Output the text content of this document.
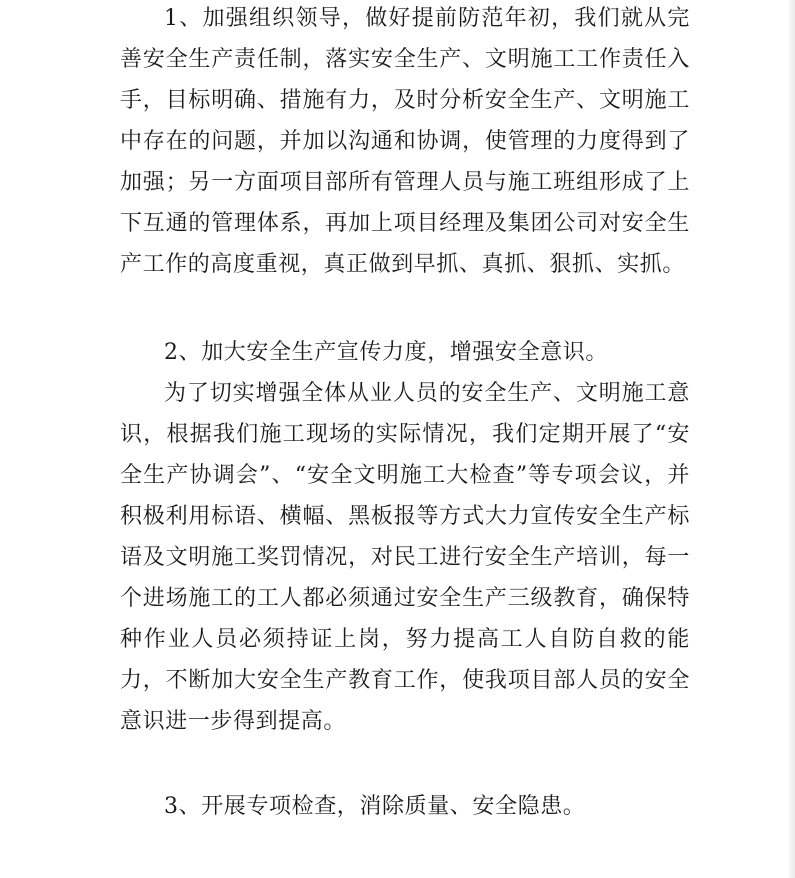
1、加强组织领导，做好提前防范年初，我们就从完善安全生产责任制，落实安全生产、文明施工工作责任入手，目标明确、措施有力，及时分析安全生产、文明施工中存在的问题，并加以沟通和协调，使管理的力度得到了加强；另一方面项目部所有管理人员与施工班组形成了上下互通的管理体系，再加上项目经理及集团公司对安全生产工作的高度重视，真正做到早抓、真抓、狠抓、实抓。

2、加大安全生产宣传力度，增强安全意识。

为了切实增强全体从业人员的安全生产、文明施工意识，根据我们施工现场的实际情况，我们定期开展了“安全生产协调会”、“安全文明施工大检查”等专项会议，并积极利用标语、横幅、黑板报等方式大力宣传安全生产标语及文明施工奖罚情况，对民工进行安全生产培训，每一个进场施工的工人都必须通过安全生产三级教育，确保特种作业人员必须持证上岗，努力提高工人自防自救的能力，不断加大安全生产教育工作，使我项目部人员的安全意识进一步得到提高。

3、开展专项检查，消除质量、安全隐患。
